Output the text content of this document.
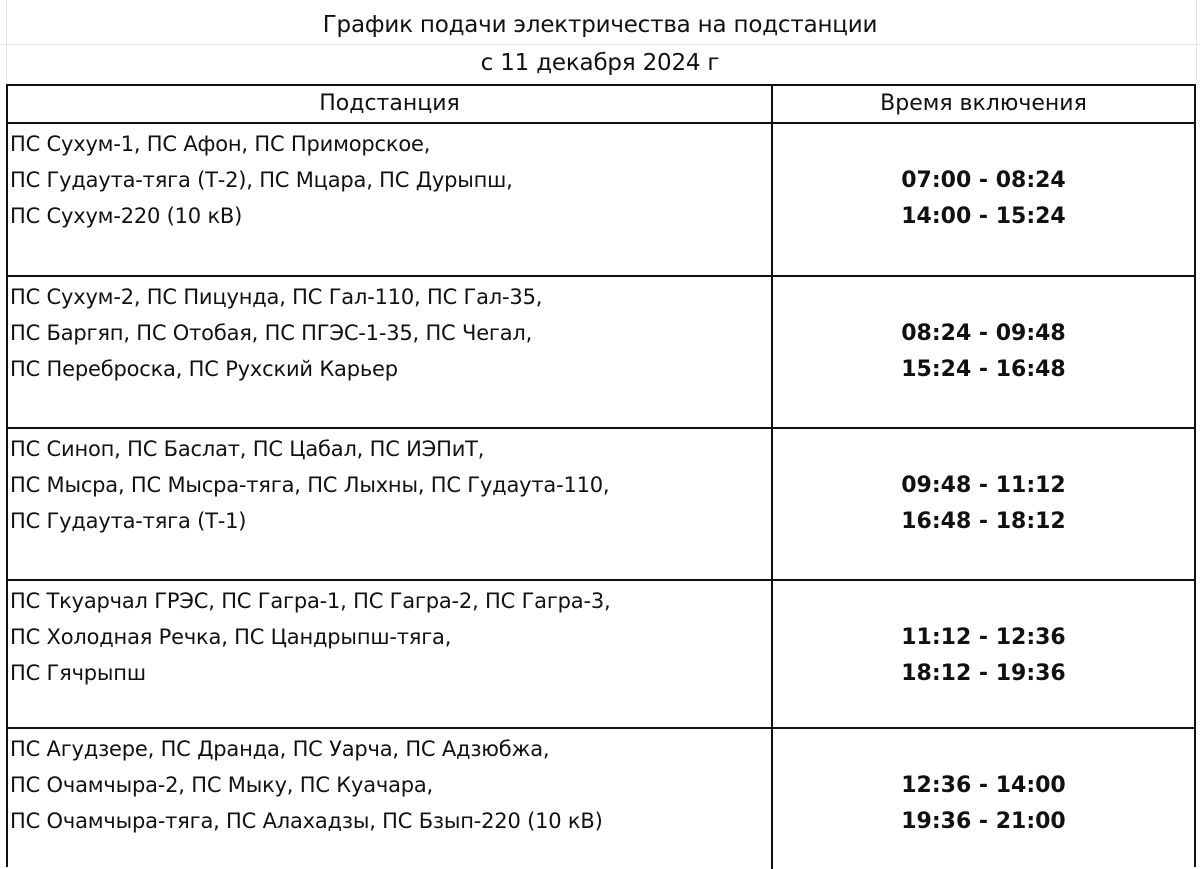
График подачи электричества на подстанции
с 11 декабря 2024 г
Подстанция	Время включения
ПС Сухум-1, ПС Афон, ПС Приморское,
ПС Гудаута-тяга (Т-2), ПС Мцара, ПС Дурыпш,
ПС Сухум-220 (10 кВ)
07:00 - 08:24
14:00 - 15:24
ПС Сухум-2, ПС Пицунда, ПС Гал-110, ПС Гал-35,
ПС Баргяп, ПС Отобая, ПС ПГЭС-1-35, ПС Чегал,
ПС Переброска, ПС Рухский Карьер
08:24 - 09:48
15:24 - 16:48
ПС Синоп, ПС Баслат, ПС Цабал, ПС ИЭПиТ,
ПС Мысра, ПС Мысра-тяга, ПС Лыхны, ПС Гудаута-110,
ПС Гудаута-тяга (Т-1)
09:48 - 11:12
16:48 - 18:12
ПС Ткуарчал ГРЭС, ПС Гагра-1, ПС Гагра-2, ПС Гагра-3,
ПС Холодная Речка, ПС Цандрыпш-тяга,
ПС Гячрыпш
11:12 - 12:36
18:12 - 19:36
ПС Агудзере, ПС Дранда, ПС Уарча, ПС Адзюбжа,
ПС Очамчыра-2, ПС Мыку, ПС Куачара,
ПС Очамчыра-тяга, ПС Алахадзы, ПС Бзып-220 (10 кВ)
12:36 - 14:00
19:36 - 21:00
